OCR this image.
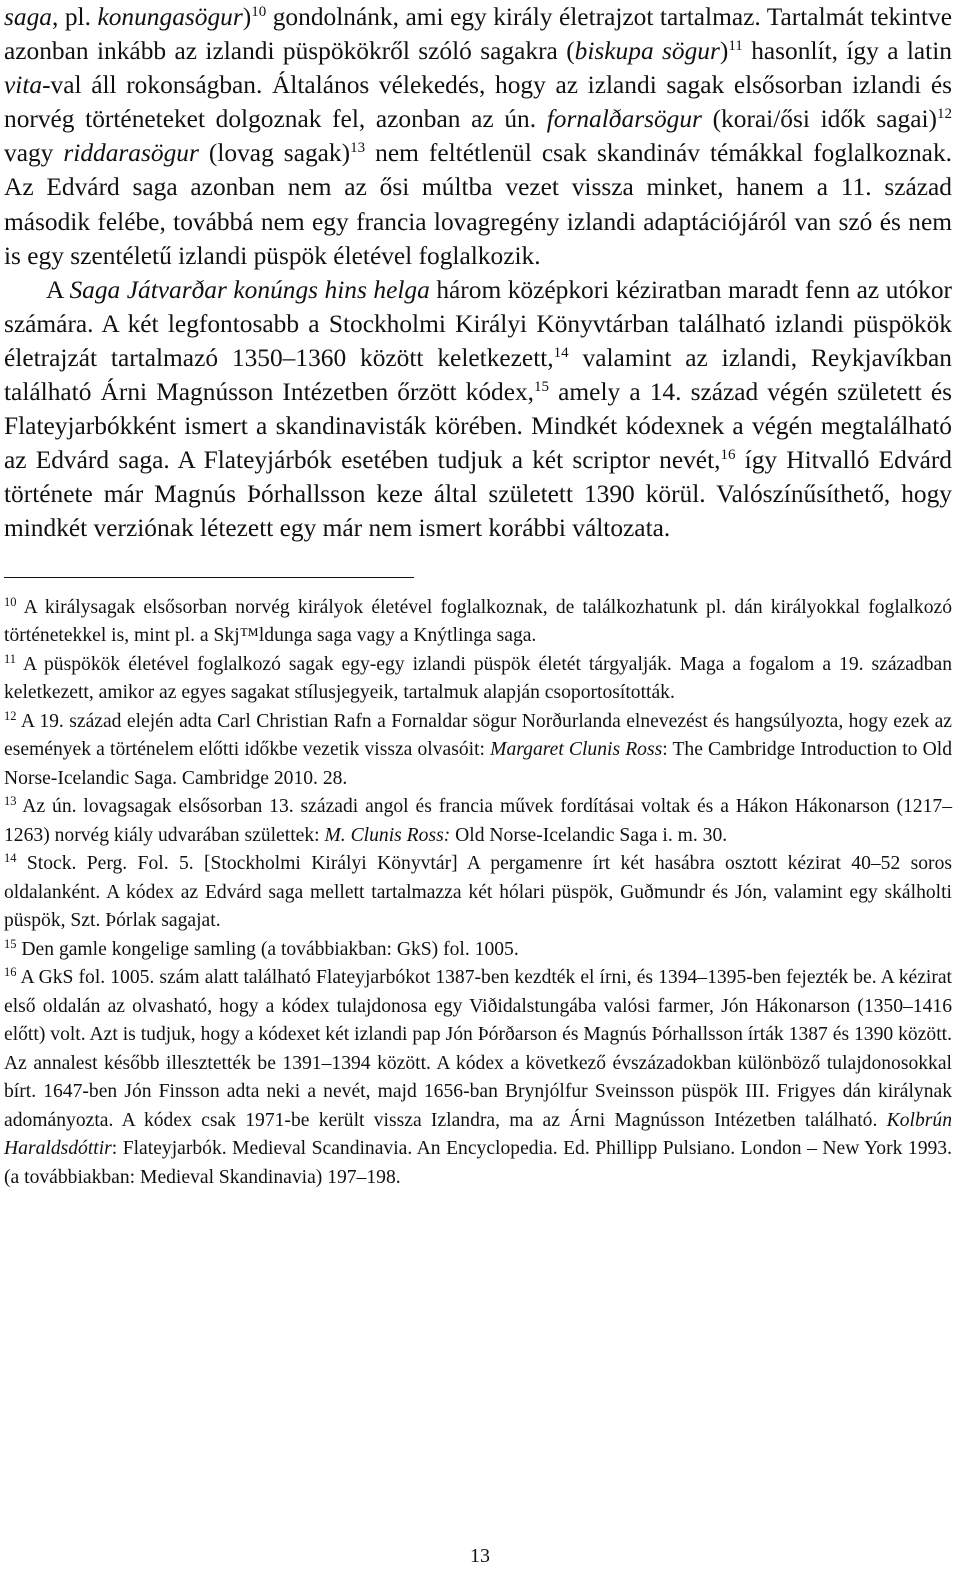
saga, pl. konungasögur)$^{10}$ gondolnánk, ami egy király életrajzot tartalmaz. Tartalmát tekintve azonban inkább az izlandi püspökökről szóló sagakra (biskupa sögur)$^{11}$ hasonlít, így a latin vita-val áll rokonságban. Általános vélekedés, hogy az izlandi sagak elsősorban izlandi és norvég történeteket dolgoznak fel, azonban az ún. fornalðarsögur (korai/ősi idők sagai)$^{12}$ vagy riddarasögur (lovag sagak)$^{13}$ nem feltétlenül csak skandináv témákkal foglalkoznak. Az Edvárd saga azonban nem az ősi múltba vezet vissza minket, hanem a 11. század második felébe, továbbá nem egy francia lovagregény izlandi adaptációjáról van szó és nem is egy szentéletű izlandi püspök életével foglalkozik.

A Saga Játvarðar konúngs hins helga három középkori kéziratban maradt fenn az utókor számára. A két legfontosabb a Stockholmi Királyi Könyvtárban található izlandi püspökök életrajzát tartalmazó 1350–1360 között keletkezett,$^{14}$ valamint az izlandi, Reykjavíkban található Árni Magnússon Intézetben őrzött kódex,$^{15}$ amely a 14. század végén született és Flateyjarbókként ismert a skandinavisták körében. Mindkét kódexnek a végén megtalálható az Edvárd saga. A Flateyjárbók esetében tudjuk a két scriptor nevét,$^{16}$ így Hitvalló Edvárd története már Magnús Þórhallsson keze által született 1390 körül. Valószínűsíthető, hogy mindkét verziónak létezett egy már nem ismert korábbi változata.

$^{10}$ A királysagak elsősorban norvég királyok életével foglalkoznak, de találkozhatunk pl. dán királyokkal foglalkozó történetekkel is, mint pl. a Skj™ldunga saga vagy a Knýtlinga saga.

$^{11}$ A püspökök életével foglalkozó sagak egy-egy izlandi püspök életét tárgyalják. Maga a fogalom a 19. században keletkezett, amikor az egyes sagakat stílusjegyeik, tartalmuk alapján csoportosították.

$^{12}$ A 19. század elején adta Carl Christian Rafn a Fornaldar sögur Norðurlanda elnevezést és hangsúlyozta, hogy ezek az események a történelem előtti időkbe vezetik vissza olvasóit: Margaret Clunis Ross: The Cambridge Introduction to Old Norse-Icelandic Saga. Cambridge 2010. 28.

$^{13}$ Az ún. lovagsagak elsősorban 13. századi angol és francia művek fordításai voltak és a Hákon Hákonarson (1217–1263) norvég kiály udvarában születtek: M. Clunis Ross: Old Norse-Icelandic Saga i. m. 30.

$^{14}$ Stock. Perg. Fol. 5. [Stockholmi Királyi Könyvtár] A pergamenre írt két hasábra osztott kézirat 40–52 soros oldalanként. A kódex az Edvárd saga mellett tartalmazza két hólari püspök, Guðmundr és Jón, valamint egy skálholti püspök, Szt. Þórlak sagajat.

$^{15}$ Den gamle kongelige samling (a továbbiakban: GkS) fol. 1005.

$^{16}$ A GkS fol. 1005. szám alatt található Flateyjarbókot 1387-ben kezdték el írni, és 1394–1395-ben fejezték be. A kézirat első oldalán az olvasható, hogy a kódex tulajdonosa egy Viðidalstungába valósi farmer, Jón Hákonarson (1350–1416 előtt) volt. Azt is tudjuk, hogy a kódexet két izlandi pap Jón Þórðarson és Magnús Þórhallsson írták 1387 és 1390 között. Az annalest később illesztették be 1391–1394 között. A kódex a következő évszázadokban különböző tulajdonosokkal bírt. 1647-ben Jón Finsson adta neki a nevét, majd 1656-ban Brynjólfur Sveinsson püspök III. Frigyes dán királynak adományozta. A kódex csak 1971-be került vissza Izlandra, ma az Árni Magnússon Intézetben található. Kolbrún Haraldsdóttir: Flateyjarbók. Medieval Scandinavia. An Encyclopedia. Ed. Phillipp Pulsiano. London – New York 1993. (a továbbiakban: Medieval Skandinavia) 197–198.

13
